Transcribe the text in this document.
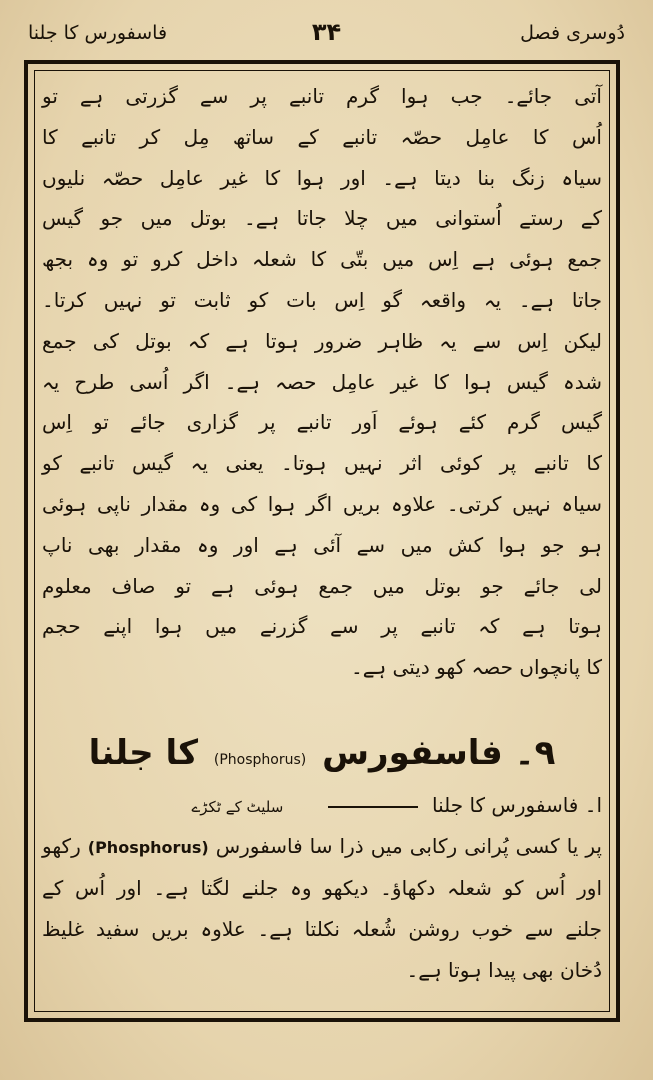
دُوسری فصل
۳۴
فاسفورس کا جلنا
آتی جائے۔ جب ہوا گرم تانبے پر سے گزرتی ہے تو
اُس کا عامِل حصّہ تانبے کے ساتھ مِل کر تانبے کا
سیاہ زنگ بنا دیتا ہے۔ اور ہوا کا غیر عامِل حصّہ نلیوں
کے رستے اُستوانی میں چلا جاتا ہے۔ بوتل میں جو گیس
جمع ہوئی ہے اِس میں بتّی کا شعلہ داخل کرو تو وہ بجھ
جاتا ہے۔ یہ واقعہ گو اِس بات کو ثابت تو نہیں کرتا۔
لیکن اِس سے یہ ظاہر ضرور ہوتا ہے کہ بوتل کی جمع
شدہ گیس ہوا کا غیر عامِل حصہ ہے۔ اگر اُسی طرح یہ
گیس گرم کئے ہوئے اَور تانبے پر گزاری جائے تو اِس
کا تانبے پر کوئی اثر نہیں ہوتا۔ یعنی یہ گیس تانبے کو
سیاہ نہیں کرتی۔ علاوہ بریں اگر ہوا کی وہ مقدار ناپی ہوئی
ہو جو ہوا کش میں سے آئی ہے اور وہ مقدار بھی ناپ
لی جائے جو بوتل میں جمع ہوئی ہے تو صاف معلوم
ہوتا ہے کہ تانبے پر سے گزرنے میں ہوا اپنے حجم
کا پانچواں حصہ کھو دیتی ہے۔
۹۔ فاسفورس (Phosphorus) کا جلنا
ا۔ فاسفورس کا جلنا  سلیٹ کے ٹکڑے
پر یا کسی پُرانی رکابی میں ذرا سا فاسفورس (Phosphorus) رکھو
اور اُس کو شعلہ دکھاؤ۔ دیکھو وہ جلنے لگتا ہے۔ اور اُس کے
جلنے سے خوب روشن شُعلہ نکلتا ہے۔ علاوہ بریں سفید غلیظ
دُخان بھی پیدا ہوتا ہے۔
